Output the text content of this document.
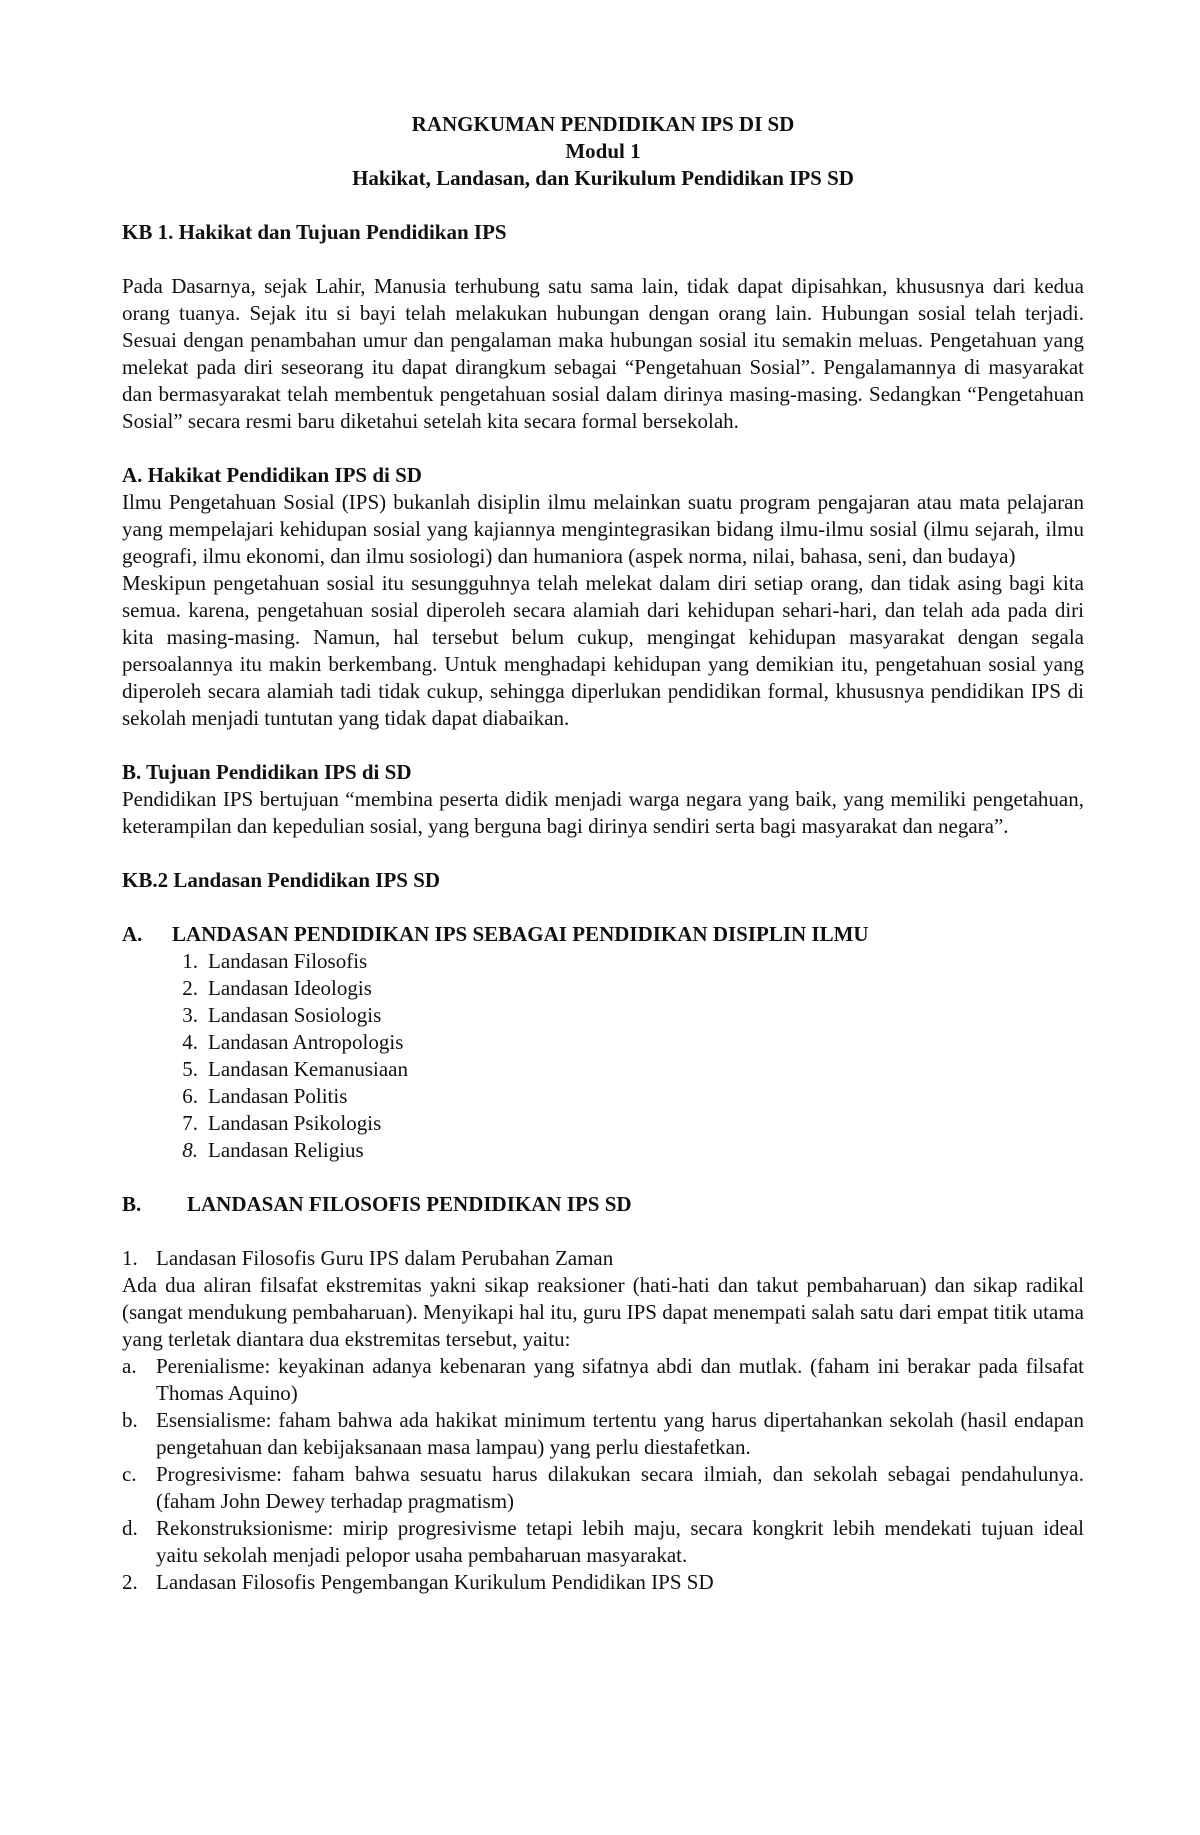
RANGKUMAN PENDIDIKAN IPS DI SD
Modul 1
Hakikat, Landasan, dan Kurikulum Pendidikan IPS SD
KB 1. Hakikat dan Tujuan Pendidikan IPS
Pada Dasarnya, sejak Lahir, Manusia terhubung satu sama lain, tidak dapat dipisahkan, khususnya dari kedua orang tuanya. Sejak itu si bayi telah melakukan hubungan dengan orang lain. Hubungan sosial telah terjadi. Sesuai dengan penambahan umur dan pengalaman maka hubungan sosial itu semakin meluas. Pengetahuan yang melekat pada diri seseorang itu dapat dirangkum sebagai “Pengetahuan Sosial”. Pengalamannya di masyarakat dan bermasyarakat telah membentuk pengetahuan sosial dalam dirinya masing-masing. Sedangkan “Pengetahuan Sosial” secara resmi baru diketahui setelah kita secara formal bersekolah.
A. Hakikat Pendidikan IPS di SD
Ilmu Pengetahuan Sosial (IPS) bukanlah disiplin ilmu melainkan suatu program pengajaran atau mata pelajaran yang mempelajari kehidupan sosial yang kajiannya mengintegrasikan bidang ilmu-ilmu sosial (ilmu sejarah, ilmu geografi, ilmu ekonomi, dan ilmu sosiologi) dan humaniora (aspek norma, nilai, bahasa, seni, dan budaya)
Meskipun pengetahuan sosial itu sesungguhnya telah melekat dalam diri setiap orang, dan tidak asing bagi kita semua. karena, pengetahuan sosial diperoleh secara alamiah dari kehidupan sehari-hari, dan telah ada pada diri kita masing-masing. Namun, hal tersebut belum cukup, mengingat kehidupan masyarakat dengan segala persoalannya itu makin berkembang. Untuk menghadapi kehidupan yang demikian itu, pengetahuan sosial yang diperoleh secara alamiah tadi tidak cukup, sehingga diperlukan pendidikan formal, khususnya pendidikan IPS di sekolah menjadi tuntutan yang tidak dapat diabaikan.
B. Tujuan Pendidikan IPS di SD
Pendidikan IPS bertujuan “membina peserta didik menjadi warga negara yang baik, yang memiliki pengetahuan, keterampilan dan kepedulian sosial, yang berguna bagi dirinya sendiri serta bagi masyarakat dan negara”.
KB.2 Landasan Pendidikan IPS SD
A.	LANDASAN PENDIDIKAN IPS SEBAGAI PENDIDIKAN DISIPLIN ILMU
1. Landasan Filosofis
2. Landasan Ideologis
3. Landasan Sosiologis
4. Landasan Antropologis
5. Landasan Kemanusiaan
6. Landasan Politis
7. Landasan Psikologis
8. Landasan Religius
B.	LANDASAN FILOSOFIS PENDIDIKAN IPS SD
1. Landasan Filosofis Guru IPS dalam Perubahan Zaman
Ada dua aliran filsafat ekstremitas yakni sikap reaksioner (hati-hati dan takut pembaharuan) dan sikap radikal (sangat mendukung pembaharuan). Menyikapi hal itu, guru IPS dapat menempati salah satu dari empat titik utama yang terletak diantara dua ekstremitas tersebut, yaitu:
a. Perenialisme: keyakinan adanya kebenaran yang sifatnya abdi dan mutlak. (faham ini berakar pada filsafat Thomas Aquino)
b. Esensialisme: faham bahwa ada hakikat minimum tertentu yang harus dipertahankan sekolah (hasil endapan pengetahuan dan kebijaksanaan masa lampau) yang perlu diestafetkan.
c. Progresivisme: faham bahwa sesuatu harus dilakukan secara ilmiah, dan sekolah sebagai pendahulunya. (faham John Dewey terhadap pragmatism)
d. Rekonstruksionisme: mirip progresivisme tetapi lebih maju, secara kongkrit lebih mendekati tujuan ideal yaitu sekolah menjadi pelopor usaha pembaharuan masyarakat.
2. Landasan Filosofis Pengembangan Kurikulum Pendidikan IPS SD
